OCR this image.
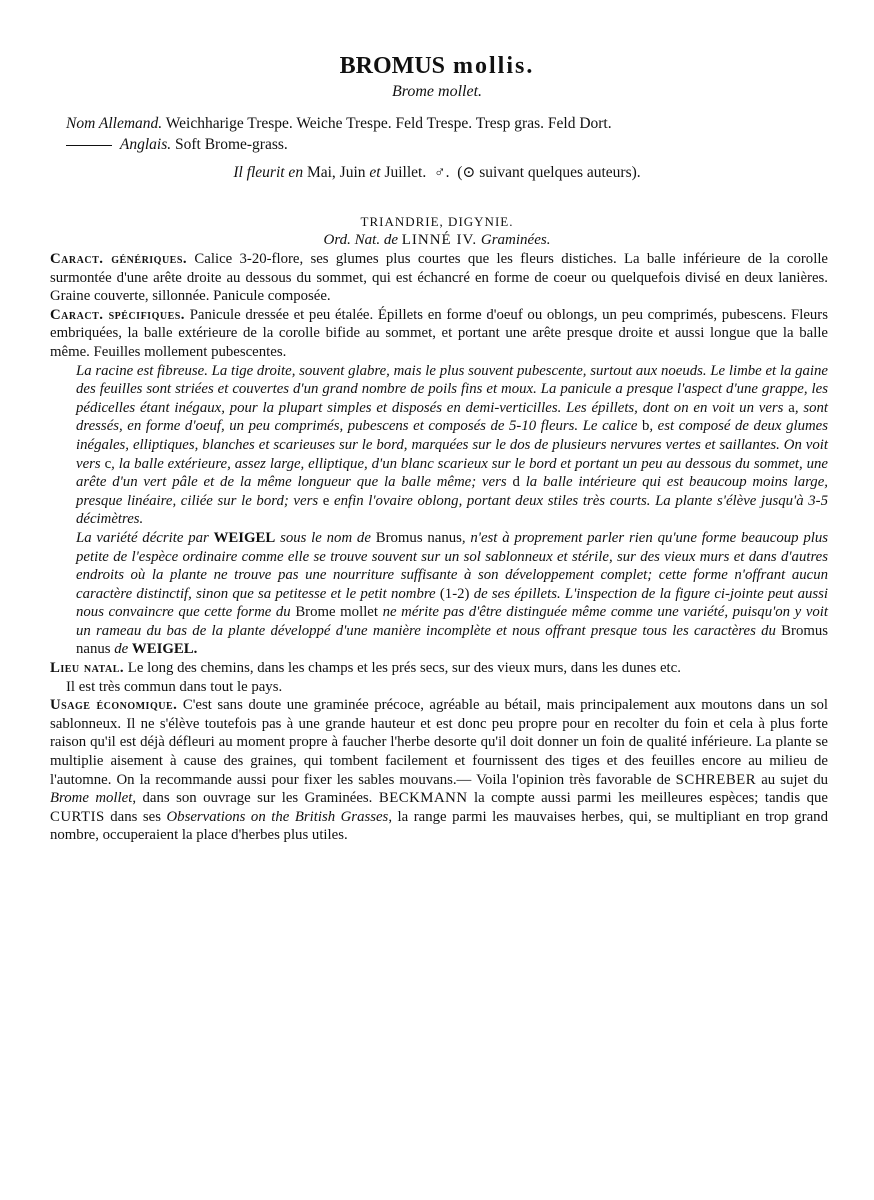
BROMUS mollis.
Brome mollet.
Nom Allemand. Weichharige Trespe. Weiche Trespe. Feld Trespe. Tresp gras. Feld Dort.
Anglais. Soft Brome-grass.
Il fleurit en Mai, Juin et Juillet. ♂. (⊙ suivant quelques auteurs).
TRIANDRIE, DIGYNIE.
Ord. Nat. de LINNÉ IV. Graminées.

Caract. génériques. Calice 3-20-flore, ses glumes plus courtes que les fleurs distiches. La balle inférieure de la corolle surmontée d'une arête droite au dessous du sommet, qui est échancré en forme de coeur ou quelquefois divisé en deux lanières. Graine couverte, sillonnée. Panicule composée.

Caract. spécifiques. Panicule dressée et peu étalée. Épillets en forme d'oeuf ou oblongs, un peu comprimés, pubescens. Fleurs embriquées, la balle extérieure de la corolle bifide au sommet, et portant une arête presque droite et aussi longue que la balle même. Feuilles mollement pubescentes.

La racine est fibreuse. La tige droite, souvent glabre, mais le plus souvent pubescente, surtout aux noeuds. Le limbe et la gaine des feuilles sont striées et couvertes d'un grand nombre de poils fins et moux. La panicule a presque l'aspect d'une grappe, les pédicelles étant inégaux, pour la plupart simples et disposés en demi-verticilles. Les épillets, dont on en voit un vers a, sont dressés, en forme d'oeuf, un peu comprimés, pubescens et composés de 5-10 fleurs. Le calice b, est composé de deux glumes inégales, elliptiques, blanches et scarieuses sur le bord, marquées sur le dos de plusieurs nervures vertes et saillantes. On voit vers c, la balle extérieure, assez large, elliptique, d'un blanc scarieux sur le bord et portant un peu au dessous du sommet, une arête d'un vert pâle et de la même longueur que la balle même; vers d la balle intérieure qui est beaucoup moins large, presque linéaire, ciliée sur le bord; vers e enfin l'ovaire oblong, portant deux stiles très courts. La plante s'élève jusqu'à 3-5 décimètres.

La variété décrite par WEIGEL sous le nom de Bromus nanus, n'est à proprement parler rien qu'une forme beaucoup plus petite de l'espèce ordinaire comme elle se trouve souvent sur un sol sablonneux et stérile, sur des vieux murs et dans d'autres endroits où la plante ne trouve pas une nourriture suffisante à son développement complet; cette forme n'offrant aucun caractère distinctif, sinon que sa petitesse et le petit nombre (1-2) de ses épillets. L'inspection de la figure ci-jointe peut aussi nous convaincre que cette forme du Brome mollet ne mérite pas d'être distinguée même comme une variété, puisqu'on y voit un rameau du bas de la plante développé d'une manière incomplète et nous offrant presque tous les caractères du Bromus nanus de WEIGEL.

Lieu natal. Le long des chemins, dans les champs et les prés secs, sur des vieux murs, dans les dunes etc.

Il est très commun dans tout le pays.

Usage économique. C'est sans doute une graminée précoce, agréable au bétail, mais principalement aux moutons dans un sol sablonneux. Il ne s'élève toutefois pas à une grande hauteur et est donc peu propre pour en recolter du foin et cela à plus forte raison qu'il est déjà défleuri au moment propre à faucher l'herbe desorte qu'il doit donner un foin de qualité inférieure. La plante se multiplie aisement à cause des graines, qui tombent facilement et fournissent des tiges et des feuilles encore au milieu de l'automne. On la recommande aussi pour fixer les sables mouvans.— Voila l'opinion très favorable de SCHREBER au sujet du Brome mollet, dans son ouvrage sur les Graminées. BECKMANN la compte aussi parmi les meilleures espèces; tandis que CURTIS dans ses Observations on the British Grasses, la range parmi les mauvaises herbes, qui, se multipliant en trop grand nombre, occuperaient la place d'herbes plus utiles.
